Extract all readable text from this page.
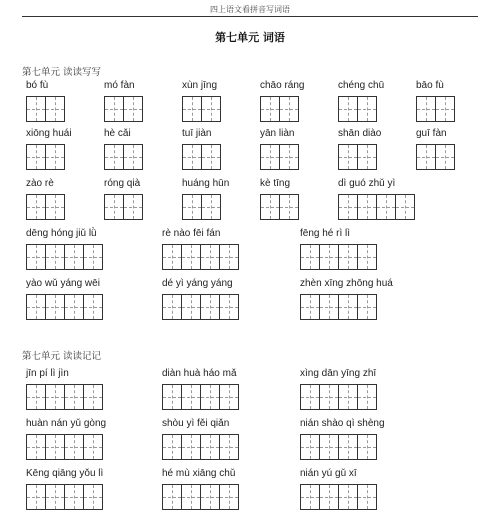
四上语文看拼音写词语
第七单元 词语
第七单元 读读写写
第七单元 读读记记
bó fù	mó fàn	xùn jīng	chāo ráng	chéng chū	bāo fù
xiōng huái	hè cǎi	tuī jiàn	yān liàn	shān diào	guī fàn
zào rè	róng qià	huáng hūn	kè tīng	dì guó zhǔ yì
dēng hóng jiǔ lǜ	rè nào fēi fán	fēng hé rì lì
yào wǔ yáng wēi	dé yì yáng yáng	zhèn xīng zhōng huá
jīn pí lì jìn	diàn huà háo mǎ	xìng dān yīng zhī
huàn nán yǔ gòng	shòu yì fěi qiǎn	nián shào qì shèng
Kēng qiāng yǒu lì	hé mù xiāng chǔ	nián yú gǔ xī
